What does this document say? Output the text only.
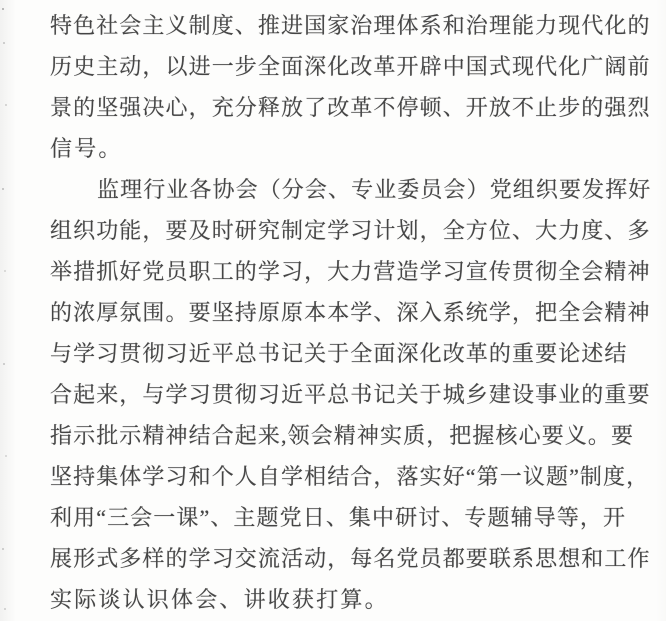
特色社会主义制度、推进国家治理体系和治理能力现代化的
历史主动，以进一步全面深化改革开辟中国式现代化广阔前
景的坚强决心，充分释放了改革不停顿、开放不止步的强烈
信号。
监理行业各协会（分会、专业委员会）党组织要发挥好
组织功能，要及时研究制定学习计划，全方位、大力度、多
举措抓好党员职工的学习，大力营造学习宣传贯彻全会精神
的浓厚氛围。要坚持原原本本学、深入系统学，把全会精神
与学习贯彻习近平总书记关于全面深化改革的重要论述结
合起来，与学习贯彻习近平总书记关于城乡建设事业的重要
指示批示精神结合起来,领会精神实质，把握核心要义。要
坚持集体学习和个人自学相结合，落实好“第一议题”制度，
利用“三会一课”、主题党日、集中研讨、专题辅导等，开
展形式多样的学习交流活动，每名党员都要联系思想和工作
实际谈认识体会、讲收获打算。
